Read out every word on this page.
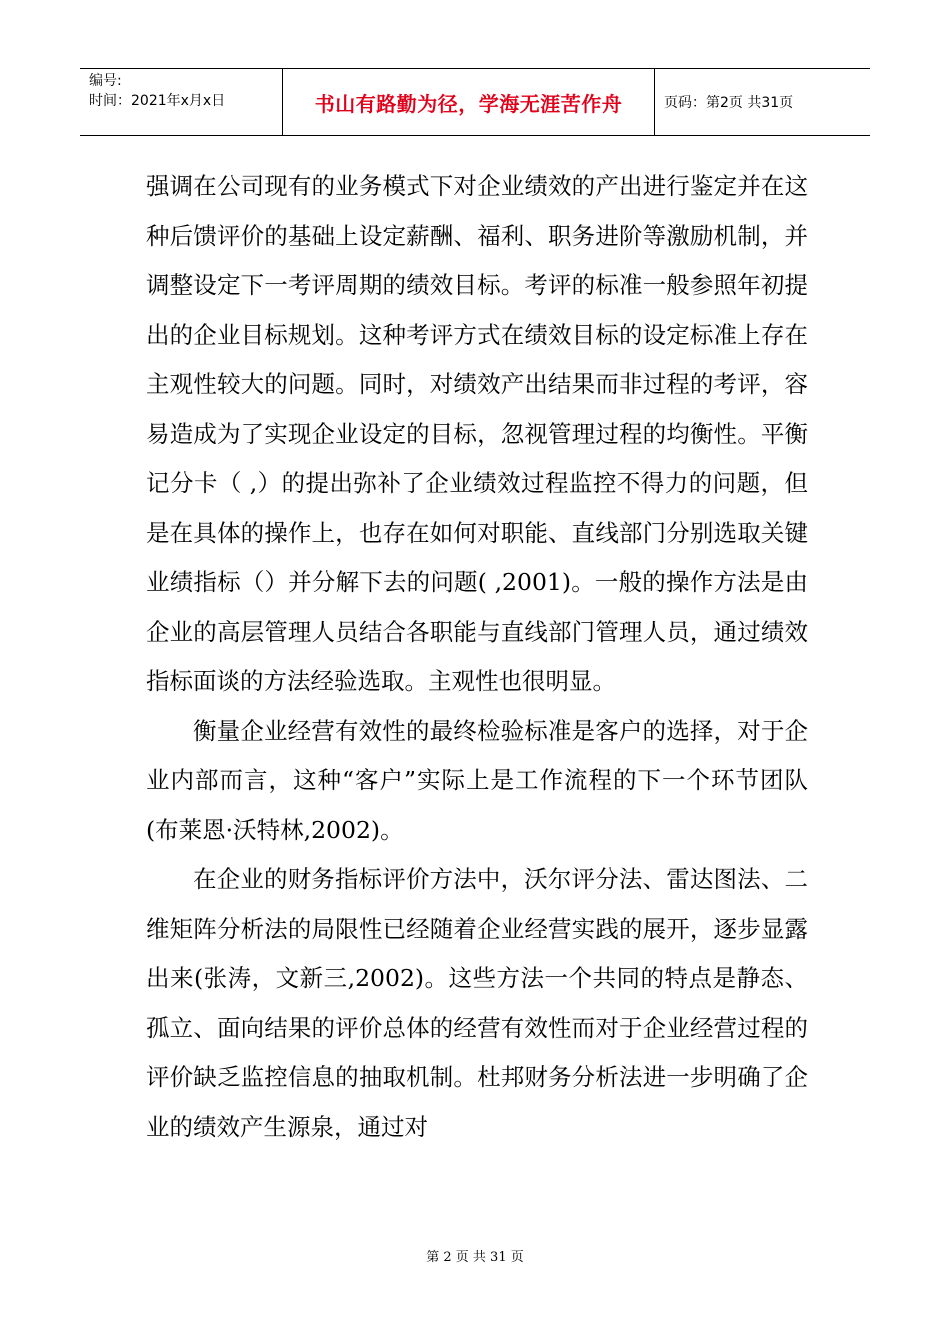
编号:
时间：2021年x月x日	书山有路勤为径，学海无涯苦作舟	页码：第2页 共31页

强调在公司现有的业务模式下对企业绩效的产出进行鉴定并在这种后馈评价的基础上设定薪酬、福利、职务进阶等激励机制，并调整设定下一考评周期的绩效目标。考评的标准一般参照年初提出的企业目标规划。这种考评方式在绩效目标的设定标准上存在主观性较大的问题。同时，对绩效产出结果而非过程的考评，容易造成为了实现企业设定的目标，忽视管理过程的均衡性。平衡记分卡（ ,）的提出弥补了企业绩效过程监控不得力的问题，但是在具体的操作上，也存在如何对职能、直线部门分别选取关键业绩指标（）并分解下去的问题( ,2001)。一般的操作方法是由企业的高层管理人员结合各职能与直线部门管理人员，通过绩效指标面谈的方法经验选取。主观性也很明显。

衡量企业经营有效性的最终检验标准是客户的选择，对于企业内部而言，这种“客户”实际上是工作流程的下一个环节团队(布莱恩·沃特林,2002)。

在企业的财务指标评价方法中，沃尔评分法、雷达图法、二维矩阵分析法的局限性已经随着企业经营实践的展开，逐步显露出来(张涛，文新三,2002)。这些方法一个共同的特点是静态、孤立、面向结果的评价总体的经营有效性而对于企业经营过程的评价缺乏监控信息的抽取机制。杜邦财务分析法进一步明确了企业的绩效产生源泉，通过对

第 2 页 共 31 页
